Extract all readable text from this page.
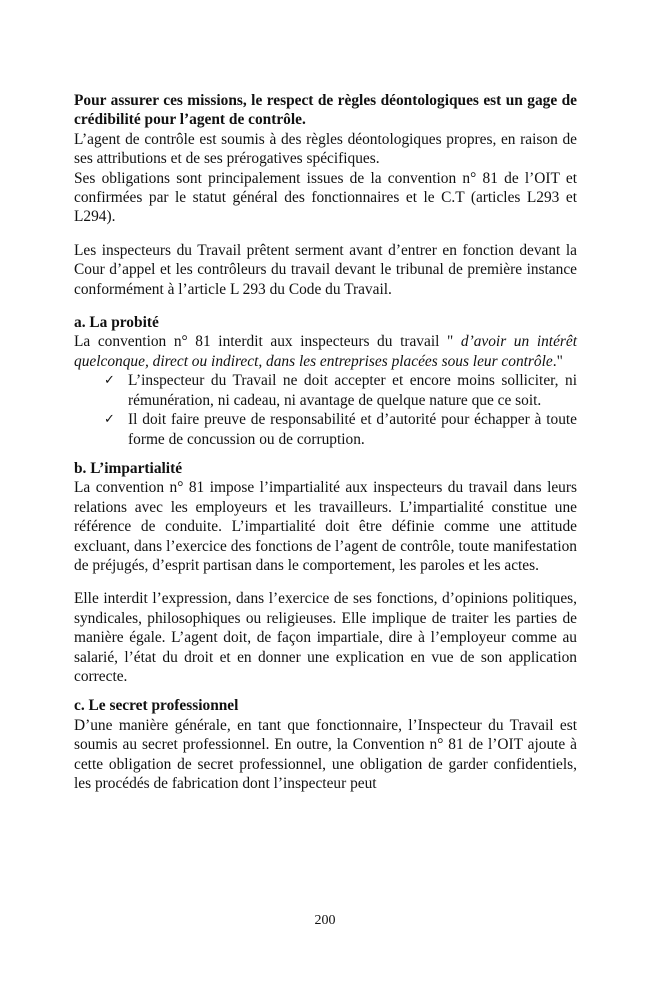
Pour assurer ces missions, le respect de règles déontologiques est un gage de crédibilité pour l’agent de contrôle.

L’agent de contrôle est soumis à des règles déontologiques propres, en raison de ses attributions et de ses prérogatives spécifiques.

Ses obligations sont principalement issues de la convention n° 81 de l’OIT et confirmées par le statut général des fonctionnaires et le C.T (articles L293 et L294).

Les inspecteurs du Travail prêtent serment avant d’entrer en fonction devant la Cour d’appel et les contrôleurs du travail devant le tribunal de première instance conformément à l’article L 293 du Code du Travail.

a. La probité

La convention n° 81 interdit aux inspecteurs du travail " d’avoir un intérêt quelconque, direct ou indirect, dans les entreprises placées sous leur contrôle."

✓ L’inspecteur du Travail ne doit accepter et encore moins solliciter, ni rémunération, ni cadeau, ni avantage de quelque nature que ce soit.
✓ Il doit faire preuve de responsabilité et d’autorité pour échapper à toute forme de concussion ou de corruption.

b. L’impartialité

La convention n° 81 impose l’impartialité aux inspecteurs du travail dans leurs relations avec les employeurs et les travailleurs. L’impartialité constitue une référence de conduite. L’impartialité doit être définie comme une attitude excluant, dans l’exercice des fonctions de l’agent de contrôle, toute manifestation de préjugés, d’esprit partisan dans le comportement, les paroles et les actes.

Elle interdit l’expression, dans l’exercice de ses fonctions, d’opinions politiques, syndicales, philosophiques ou religieuses. Elle implique de traiter les parties de manière égale. L’agent doit, de façon impartiale, dire à l’employeur comme au salarié, l’état du droit et en donner une explication en vue de son application correcte.

c. Le secret professionnel

D’une manière générale, en tant que fonctionnaire, l’Inspecteur du Travail est soumis au secret professionnel. En outre, la Convention n° 81 de l’OIT ajoute à cette obligation de secret professionnel, une obligation de garder confidentiels, les procédés de fabrication dont l’inspecteur peut

200
